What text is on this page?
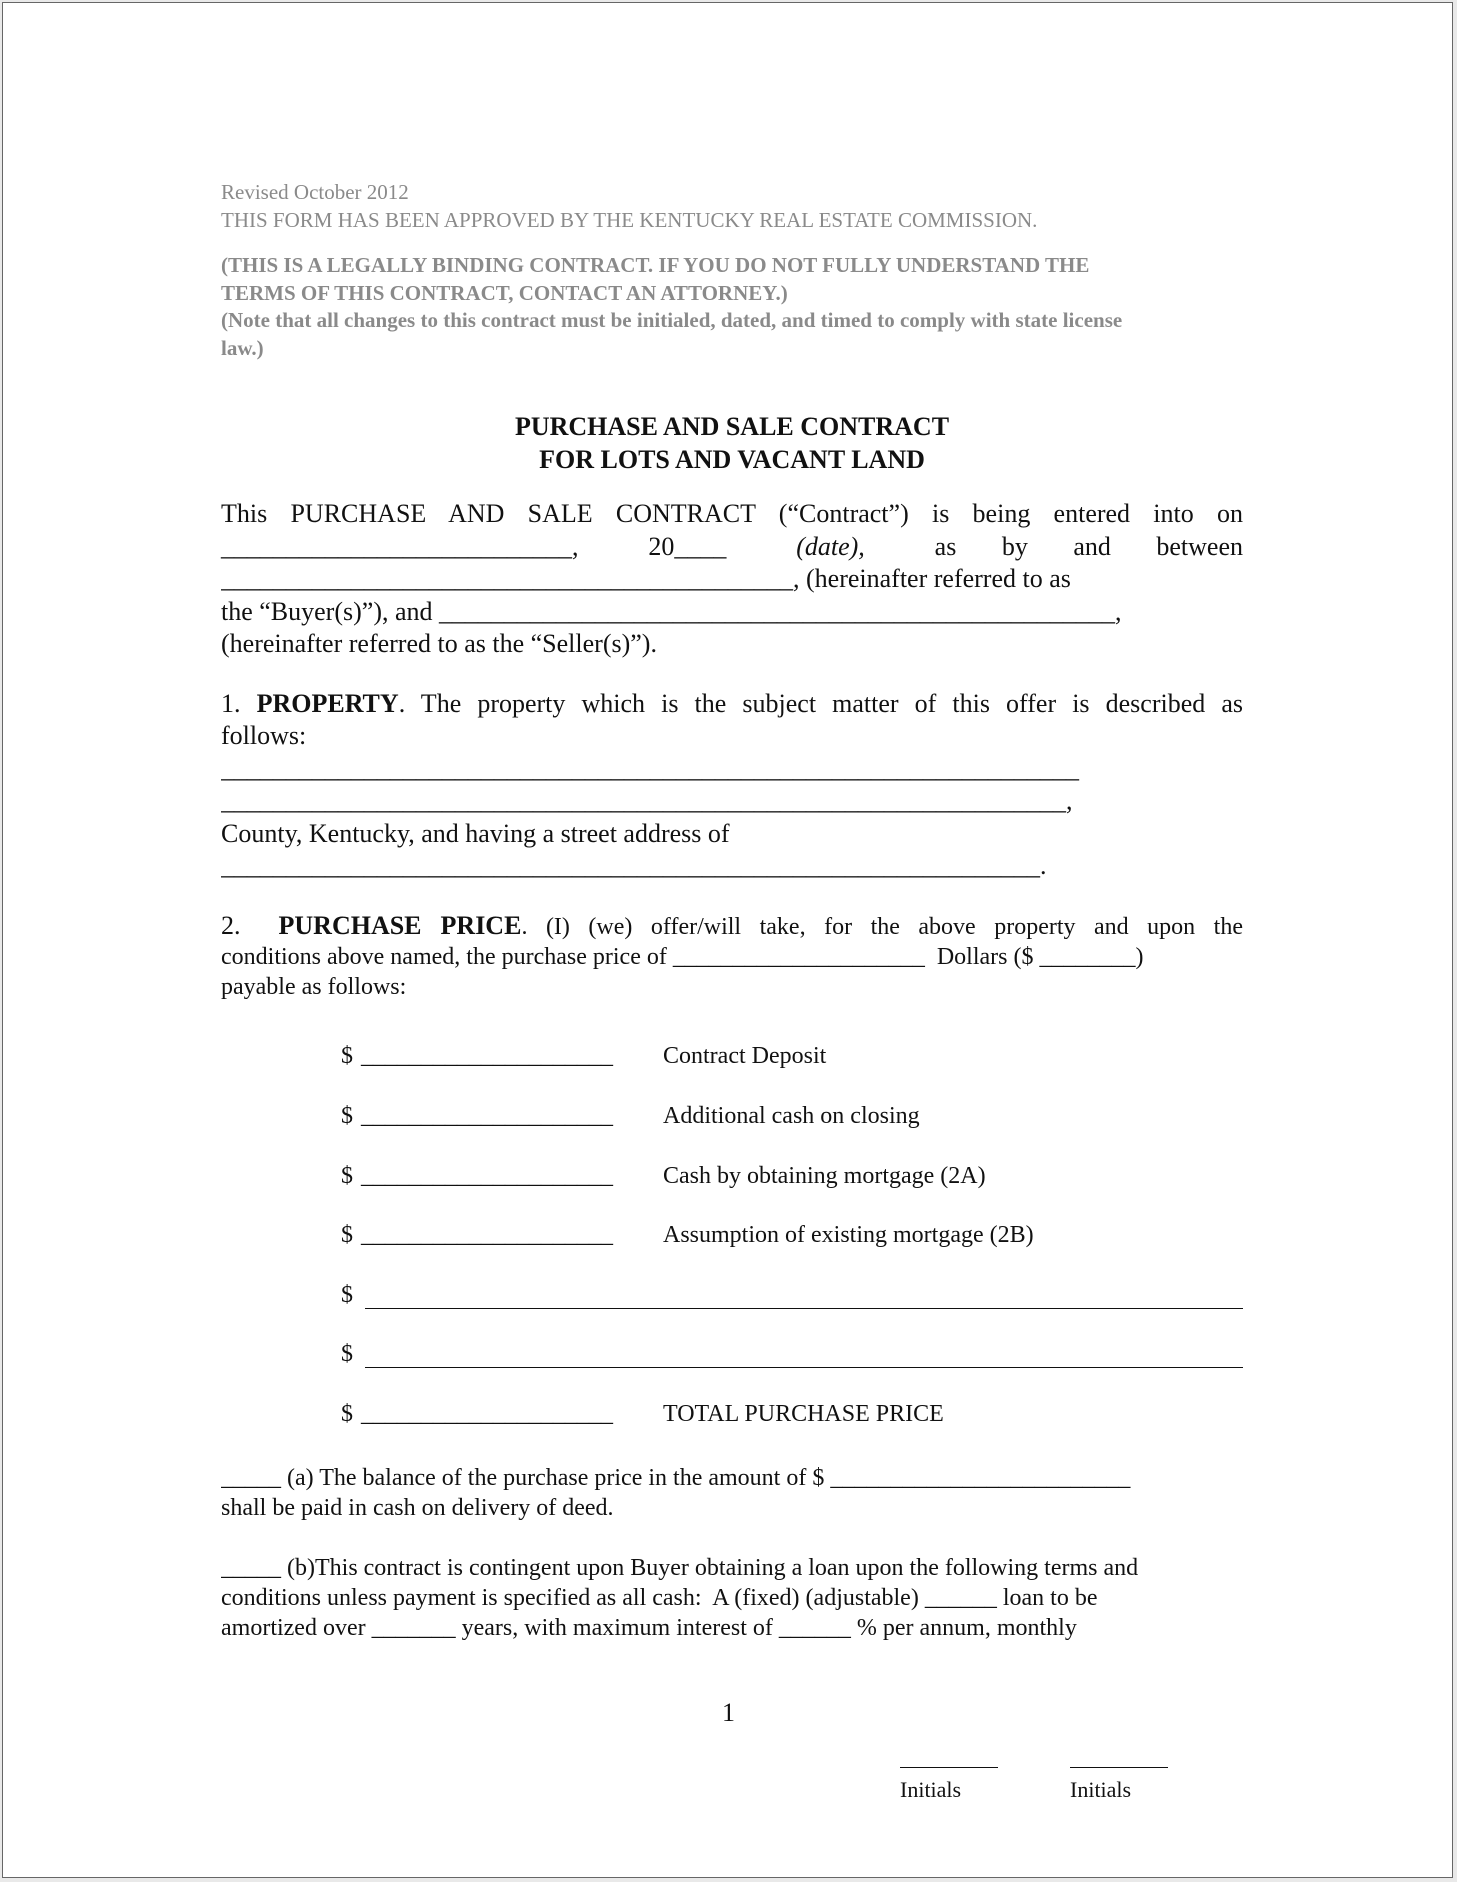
Revised October 2012
THIS FORM HAS BEEN APPROVED BY THE KENTUCKY REAL ESTATE COMMISSION.
(THIS IS A LEGALLY BINDING CONTRACT. IF YOU DO NOT FULLY UNDERSTAND THE
TERMS OF THIS CONTRACT, CONTACT AN ATTORNEY.)
(Note that all changes to this contract must be initialed, dated, and timed to comply with state license
law.)
PURCHASE AND SALE CONTRACT
FOR LOTS AND VACANT LAND
This PURCHASE AND SALE CONTRACT (“Contract”) is being entered into on
___________________________,	20____	(date),	as       by       and       between
____________________________________________, (hereinafter referred to as
the “Buyer(s)”), and ____________________________________________________,
(hereinafter referred to as the “Seller(s)”).
1. PROPERTY. The property which is the subject matter of this offer is described as
follows:
__________________________________________________________________
_________________________________________________________________,
County, Kentucky, and having a street address of
_______________________________________________________________.
2. PURCHASE PRICE. (I) (we) offer/will take, for the above property and upon the
conditions above named, the purchase price of _____________________  Dollars ($ ________)
payable as follows:
$ _____________________	Contract Deposit
$ _____________________	Additional cash on closing
$ _____________________	Cash by obtaining mortgage (2A)
$ _____________________	Assumption of existing mortgage (2B)
$
$
$ _____________________	TOTAL PURCHASE PRICE
_____ (a) The balance of the purchase price in the amount of $ _________________________
shall be paid in cash on delivery of deed.
_____ (b)This contract is contingent upon Buyer obtaining a loan upon the following terms and
conditions unless payment is specified as all cash:  A (fixed) (adjustable) ______ loan to be
amortized over _______ years, with maximum interest of ______ % per annum, monthly
1
Initials	Initials
